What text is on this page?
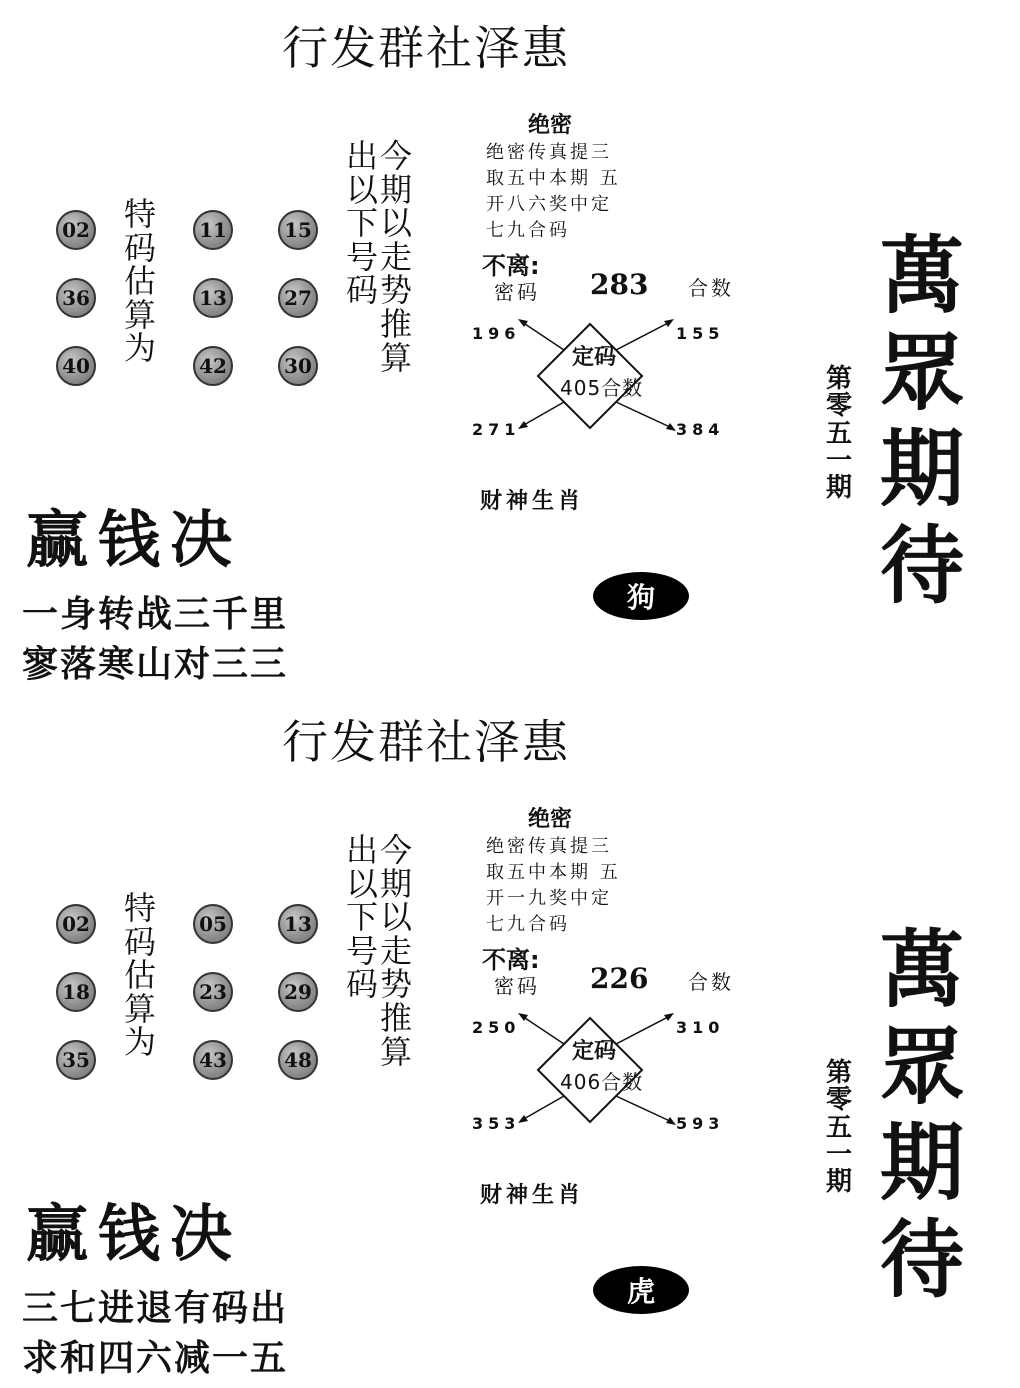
行发群社泽惠
特
码
估
算
为
02	11	15
36	13	27
40	42	30
出
以
下
号
码
今
期
以
走
势
推
算
绝密
绝密传真提三
取五中本期 五
开八六奖中定
七九合码
不离:
密码 283 合数
定码
405合数
196	155
271	384
财神生肖
狗
赢钱决
一身转战三千里
寥落寒山对三三
第
零
五
一
期
萬
眾
期
待
行发群社泽惠
特
码
估
算
为
02	05	13
18	23	29
35	43	48
出
以
下
号
码
今
期
以
走
势
推
算
绝密
绝密传真提三
取五中本期 五
开一九奖中定
七九合码
不离:
密码 226 合数
定码
406合数
250	310
353	593
财神生肖
虎
赢钱决
三七进退有码出
求和四六减一五
第
零
五
一
期
萬
眾
期
待
